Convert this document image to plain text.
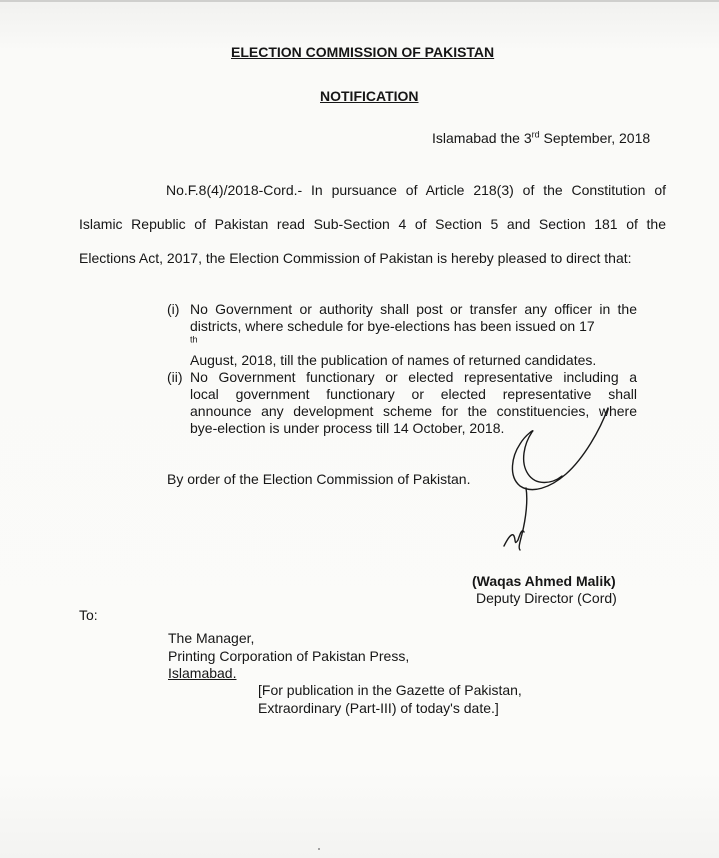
ELECTION COMMISSION OF PAKISTAN
NOTIFICATION
Islamabad the 3rd September, 2018
No.F.8(4)/2018-Cord.- In pursuance of Article 218(3) of the Constitution of
Islamic Republic of Pakistan read Sub-Section 4 of Section 5 and Section 181 of the
Elections Act, 2017, the Election Commission of Pakistan is hereby pleased to direct that:
(i) No Government or authority shall post or transfer any officer in the
districts, where schedule for bye-elections has been issued on 17
$^{th}$
August, 2018, till the publication of names of returned candidates.
(ii) No Government functionary or elected representative including a
local government functionary or elected representative shall
announce any development scheme for the constituencies, where
bye-election is under process till 14 October, 2018.
By order of the Election Commission of Pakistan.
(Waqas Ahmed Malik)
Deputy Director (Cord)
To:
The Manager,
Printing Corporation of Pakistan Press,
Islamabad.
[For publication in the Gazette of Pakistan,
Extraordinary (Part-III) of today's date.]
